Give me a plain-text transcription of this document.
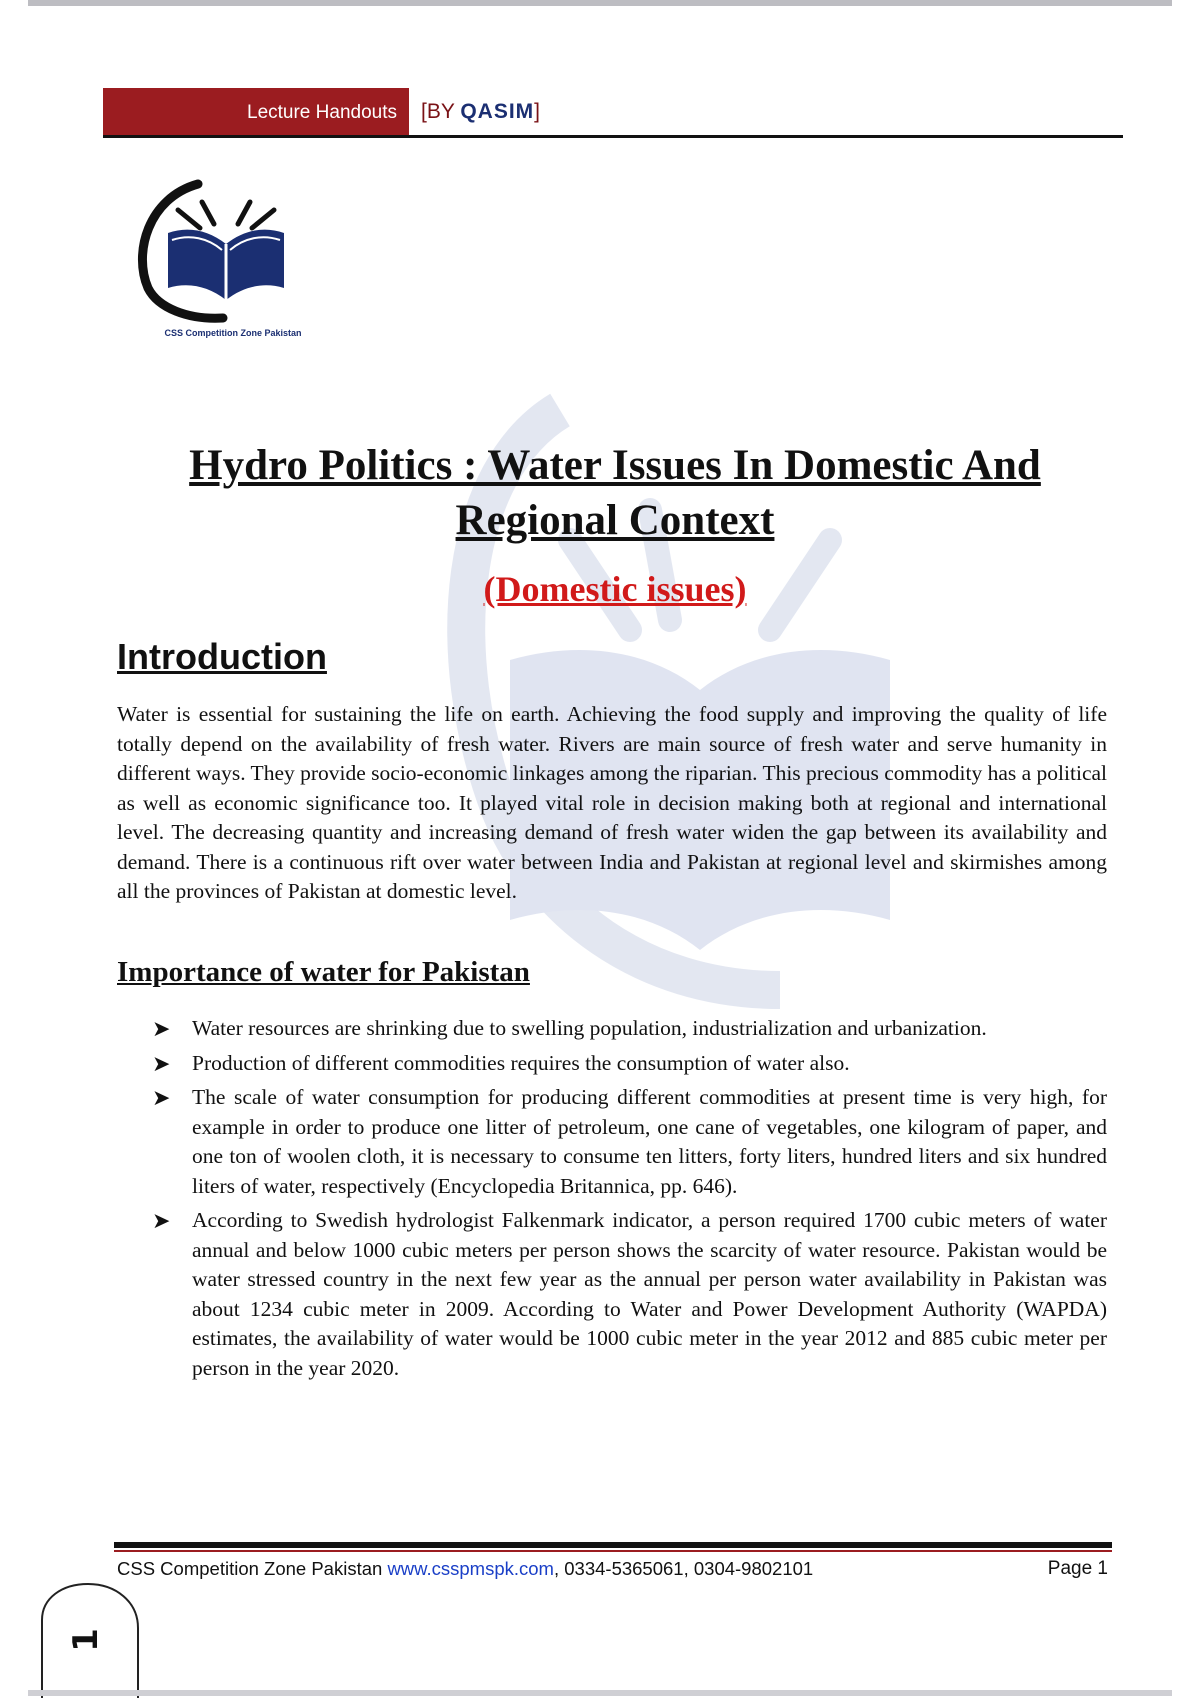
Lecture Handouts [BY QASIM]
CSS Competition Zone Pakistan
Hydro Politics : Water Issues In Domestic And Regional Context
(Domestic issues)
Introduction
Water is essential for sustaining the life on earth. Achieving the food supply and improving the quality of life totally depend on the availability of fresh water. Rivers are main source of fresh water and serve humanity in different ways. They provide socio-economic linkages among the riparian. This precious commodity has a political as well as economic significance too. It played vital role in decision making both at regional and international level. The decreasing quantity and increasing demand of fresh water widen the gap between its availability and demand. There is a continuous rift over water between India and Pakistan at regional level and skirmishes among all the provinces of Pakistan at domestic level.
Importance of water for Pakistan
➤ Water resources are shrinking due to swelling population, industrialization and urbanization.
➤ Production of different commodities requires the consumption of water also.
➤ The scale of water consumption for producing different commodities at present time is very high, for example in order to produce one litter of petroleum, one cane of vegetables, one kilogram of paper, and one ton of woolen cloth, it is necessary to consume ten litters, forty liters, hundred liters and six hundred liters of water, respectively (Encyclopedia Britannica, pp. 646).
➤ According to Swedish hydrologist Falkenmark indicator, a person required 1700 cubic meters of water annual and below 1000 cubic meters per person shows the scarcity of water resource. Pakistan would be water stressed country in the next few year as the annual per person water availability in Pakistan was about 1234 cubic meter in 2009. According to Water and Power Development Authority (WAPDA) estimates, the availability of water would be 1000 cubic meter in the year 2012 and 885 cubic meter per person in the year 2020.
CSS Competition Zone Pakistan www.csspmspk.com, 0334-5365061, 0304-9802101	Page 1
1
